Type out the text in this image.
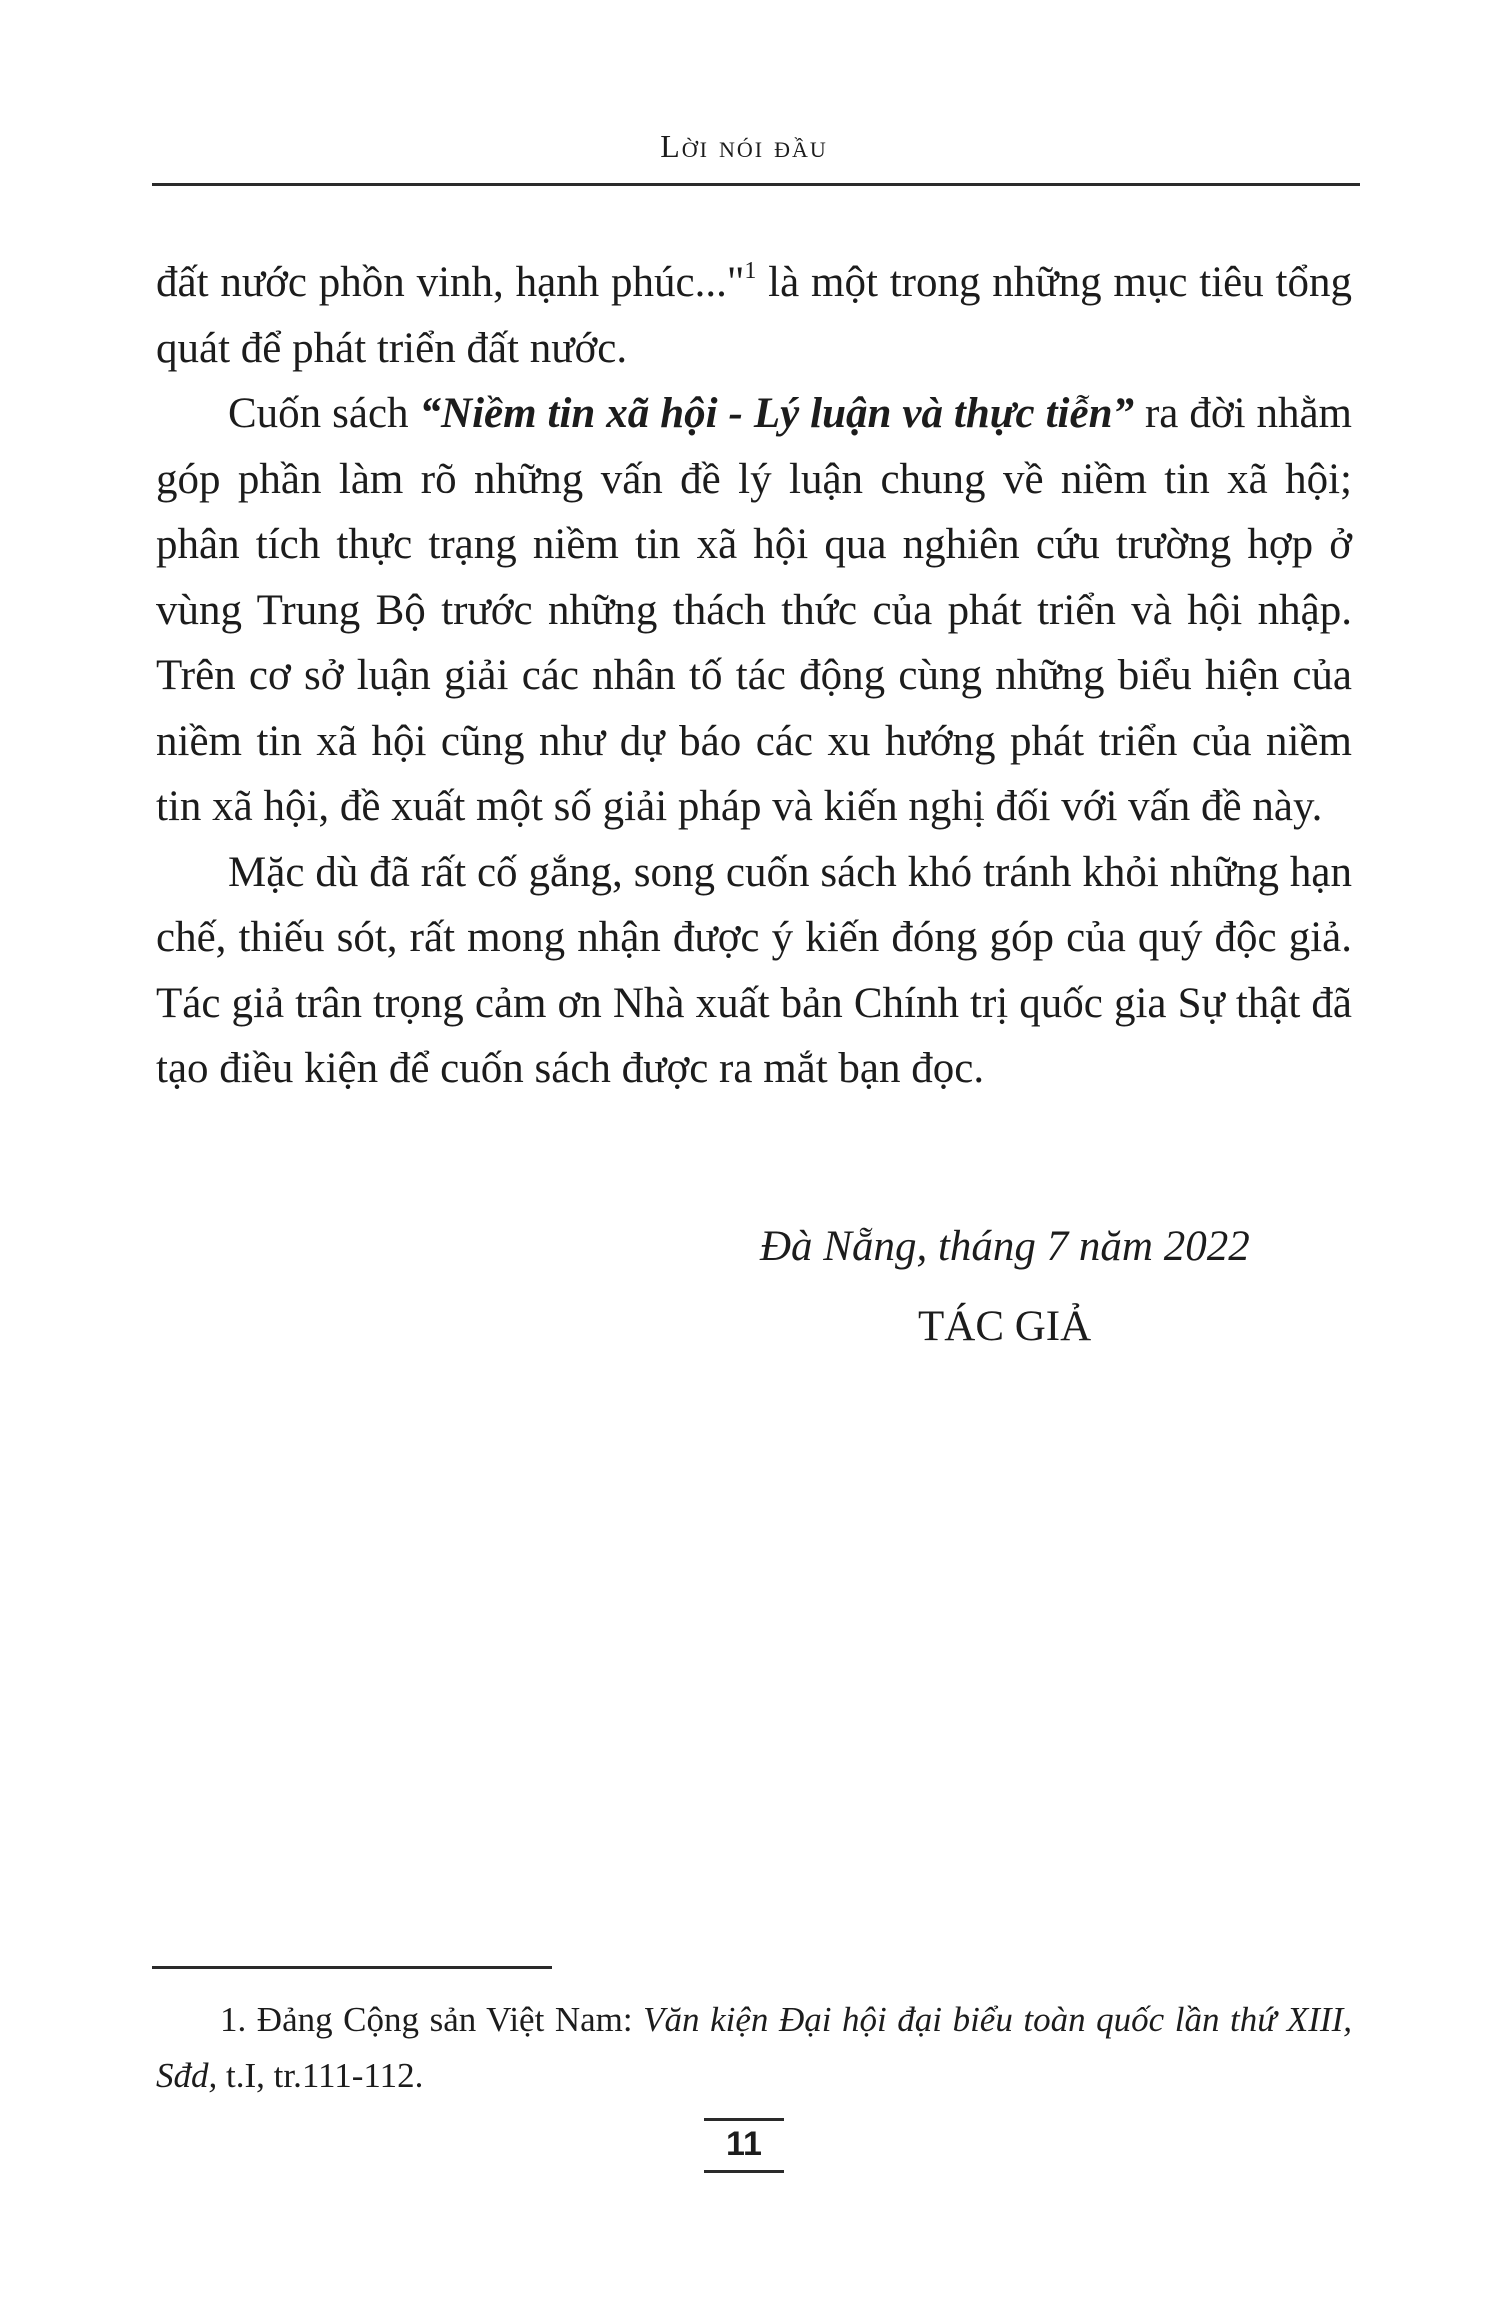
Lời nói đầu

đất nước phồn vinh, hạnh phúc..."$^1$ là một trong những mục tiêu tổng quát để phát triển đất nước.

Cuốn sách “Niềm tin xã hội - Lý luận và thực tiễn” ra đời nhằm góp phần làm rõ những vấn đề lý luận chung về niềm tin xã hội; phân tích thực trạng niềm tin xã hội qua nghiên cứu trường hợp ở vùng Trung Bộ trước những thách thức của phát triển và hội nhập. Trên cơ sở luận giải các nhân tố tác động cùng những biểu hiện của niềm tin xã hội cũng như dự báo các xu hướng phát triển của niềm tin xã hội, đề xuất một số giải pháp và kiến nghị đối với vấn đề này.

Mặc dù đã rất cố gắng, song cuốn sách khó tránh khỏi những hạn chế, thiếu sót, rất mong nhận được ý kiến đóng góp của quý độc giả. Tác giả trân trọng cảm ơn Nhà xuất bản Chính trị quốc gia Sự thật đã tạo điều kiện để cuốn sách được ra mắt bạn đọc.

Đà Nẵng, tháng 7 năm 2022
TÁC GIẢ

1. Đảng Cộng sản Việt Nam: Văn kiện Đại hội đại biểu toàn quốc lần thứ XIII, Sđd, t.I, tr.111-112.

11
